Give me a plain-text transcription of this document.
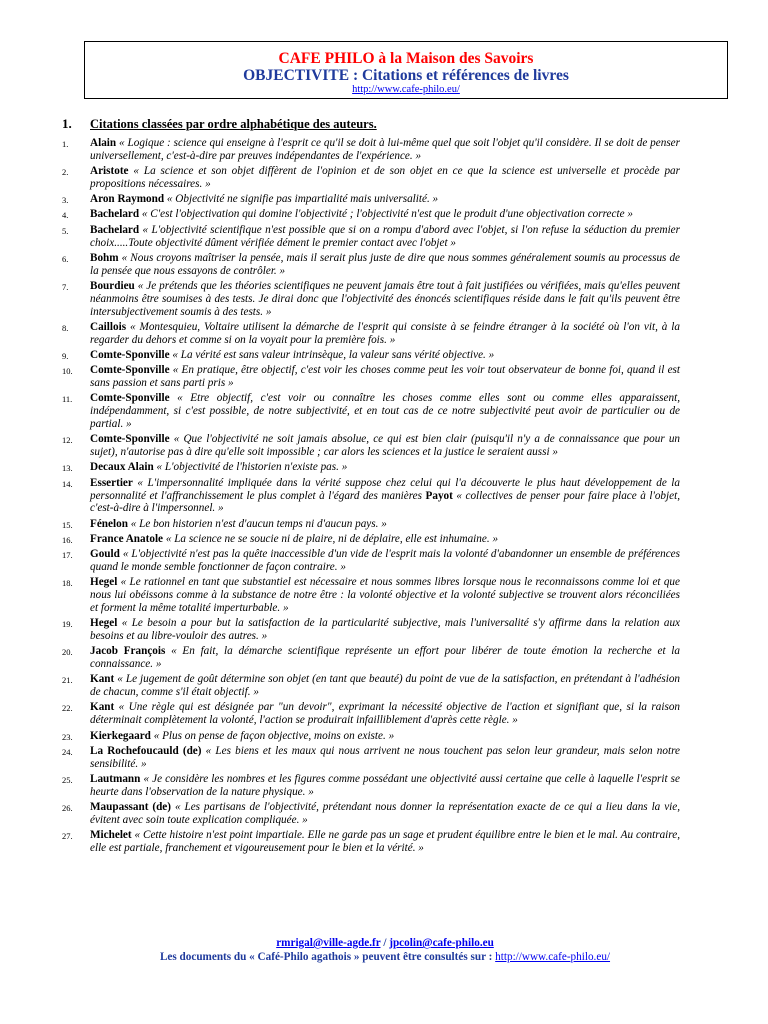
CAFE PHILO à la Maison des Savoirs
OBJECTIVITE : Citations et références de livres
http://www.cafe-philo.eu/
1. Citations classées par ordre alphabétique des auteurs.
1. Alain « Logique : science qui enseigne à l'esprit ce qu'il se doit à lui-même quel que soit l'objet qu'il considère. Il se doit de penser universellement, c'est-à-dire par preuves indépendantes de l'expérience. »
2. Aristote « La science et son objet diffèrent de l'opinion et de son objet en ce que la science est universelle et procède par propositions nécessaires. »
3. Aron Raymond « Objectivité ne signifie pas impartialité mais universalité. »
4. Bachelard « C'est l'objectivation qui domine l'objectivité ; l'objectivité n'est que le produit d'une objectivation correcte »
5. Bachelard « L'objectivité scientifique n'est possible que si on a rompu d'abord avec l'objet, si l'on refuse la séduction du premier choix.....Toute objectivité dûment vérifiée dément le premier contact avec l'objet »
6. Bohm « Nous croyons maîtriser la pensée, mais il serait plus juste de dire que nous sommes généralement soumis au processus de la pensée que nous essayons de contrôler. »
7. Bourdieu « Je prétends que les théories scientifiques ne peuvent jamais être tout à fait justifiées ou vérifiées, mais qu'elles peuvent néanmoins être soumises à des tests. Je dirai donc que l'objectivité des énoncés scientifiques réside dans le fait qu'ils peuvent être intersubjectivement soumis à des tests. »
8. Caillois « Montesquieu, Voltaire utilisent la démarche de l'esprit qui consiste à se feindre étranger à la société où l'on vit, à la regarder du dehors et comme si on la voyait pour la première fois. »
9. Comte-Sponville « La vérité est sans valeur intrinsèque, la valeur sans vérité objective. »
10. Comte-Sponville « En pratique, être objectif, c'est voir les choses comme peut les voir tout observateur de bonne foi, quand il est sans passion et sans parti pris »
11. Comte-Sponville « Etre objectif, c'est voir ou connaître les choses comme elles sont ou comme elles apparaissent, indépendamment, si c'est possible, de notre subjectivité, et en tout cas de ce notre subjectivité peut avoir de particulier ou de partial. »
12. Comte-Sponville « Que l'objectivité ne soit jamais absolue, ce qui est bien clair (puisqu'il n'y a de connaissance que pour un sujet), n'autorise pas à dire qu'elle soit impossible ; car alors les sciences et la justice le seraient aussi »
13. Decaux Alain « L'objectivité de l'historien n'existe pas. »
14. Essertier « L'impersonnalité impliquée dans la vérité suppose chez celui qui l'a découverte le plus haut développement de la personnalité et l'affranchissement le plus complet à l'égard des manières Payot « collectives de penser pour faire place à l'objet, c'est-à-dire à l'impersonnel. »
15. Fénelon « Le bon historien n'est d'aucun temps ni d'aucun pays. »
16. France Anatole « La science ne se soucie ni de plaire, ni de déplaire, elle est inhumaine. »
17. Gould « L'objectivité n'est pas la quête inaccessible d'un vide de l'esprit mais la volonté d'abandonner un ensemble de préférences quand le monde semble fonctionner de façon contraire. »
18. Hegel « Le rationnel en tant que substantiel est nécessaire et nous sommes libres lorsque nous le reconnaissons comme loi et que nous lui obéissons comme à la substance de notre être : la volonté objective et la volonté subjective se trouvent alors réconciliées et forment la même totalité imperturbable. »
19. Hegel « Le besoin a pour but la satisfaction de la particularité subjective, mais l'universalité s'y affirme dans la relation aux besoins et au libre-vouloir des autres. »
20. Jacob François « En fait, la démarche scientifique représente un effort pour libérer de toute émotion la recherche et la connaissance. »
21. Kant « Le jugement de goût détermine son objet (en tant que beauté) du point de vue de la satisfaction, en prétendant à l'adhésion de chacun, comme s'il était objectif. »
22. Kant « Une règle qui est désignée par "un devoir", exprimant la nécessité objective de l'action et signifiant que, si la raison déterminait complètement la volonté, l'action se produirait infailliblement d'après cette règle. »
23. Kierkegaard « Plus on pense de façon objective, moins on existe. »
24. La Rochefoucauld (de) « Les biens et les maux qui nous arrivent ne nous touchent pas selon leur grandeur, mais selon notre sensibilité. »
25. Lautmann « Je considère les nombres et les figures comme possédant une objectivité aussi certaine que celle à laquelle l'esprit se heurte dans l'observation de la nature physique. »
26. Maupassant (de) « Les partisans de l'objectivité, prétendant nous donner la représentation exacte de ce qui a lieu dans la vie, évitent avec soin toute explication compliquée. »
27. Michelet « Cette histoire n'est point impartiale. Elle ne garde pas un sage et prudent équilibre entre le bien et le mal. Au contraire, elle est partiale, franchement et vigoureusement pour le bien et la vérité. »
rmrigal@ville-agde.fr / jpcolin@cafe-philo.eu
Les documents du « Café-Philo agathois » peuvent être consultés sur : http://www.cafe-philo.eu/
